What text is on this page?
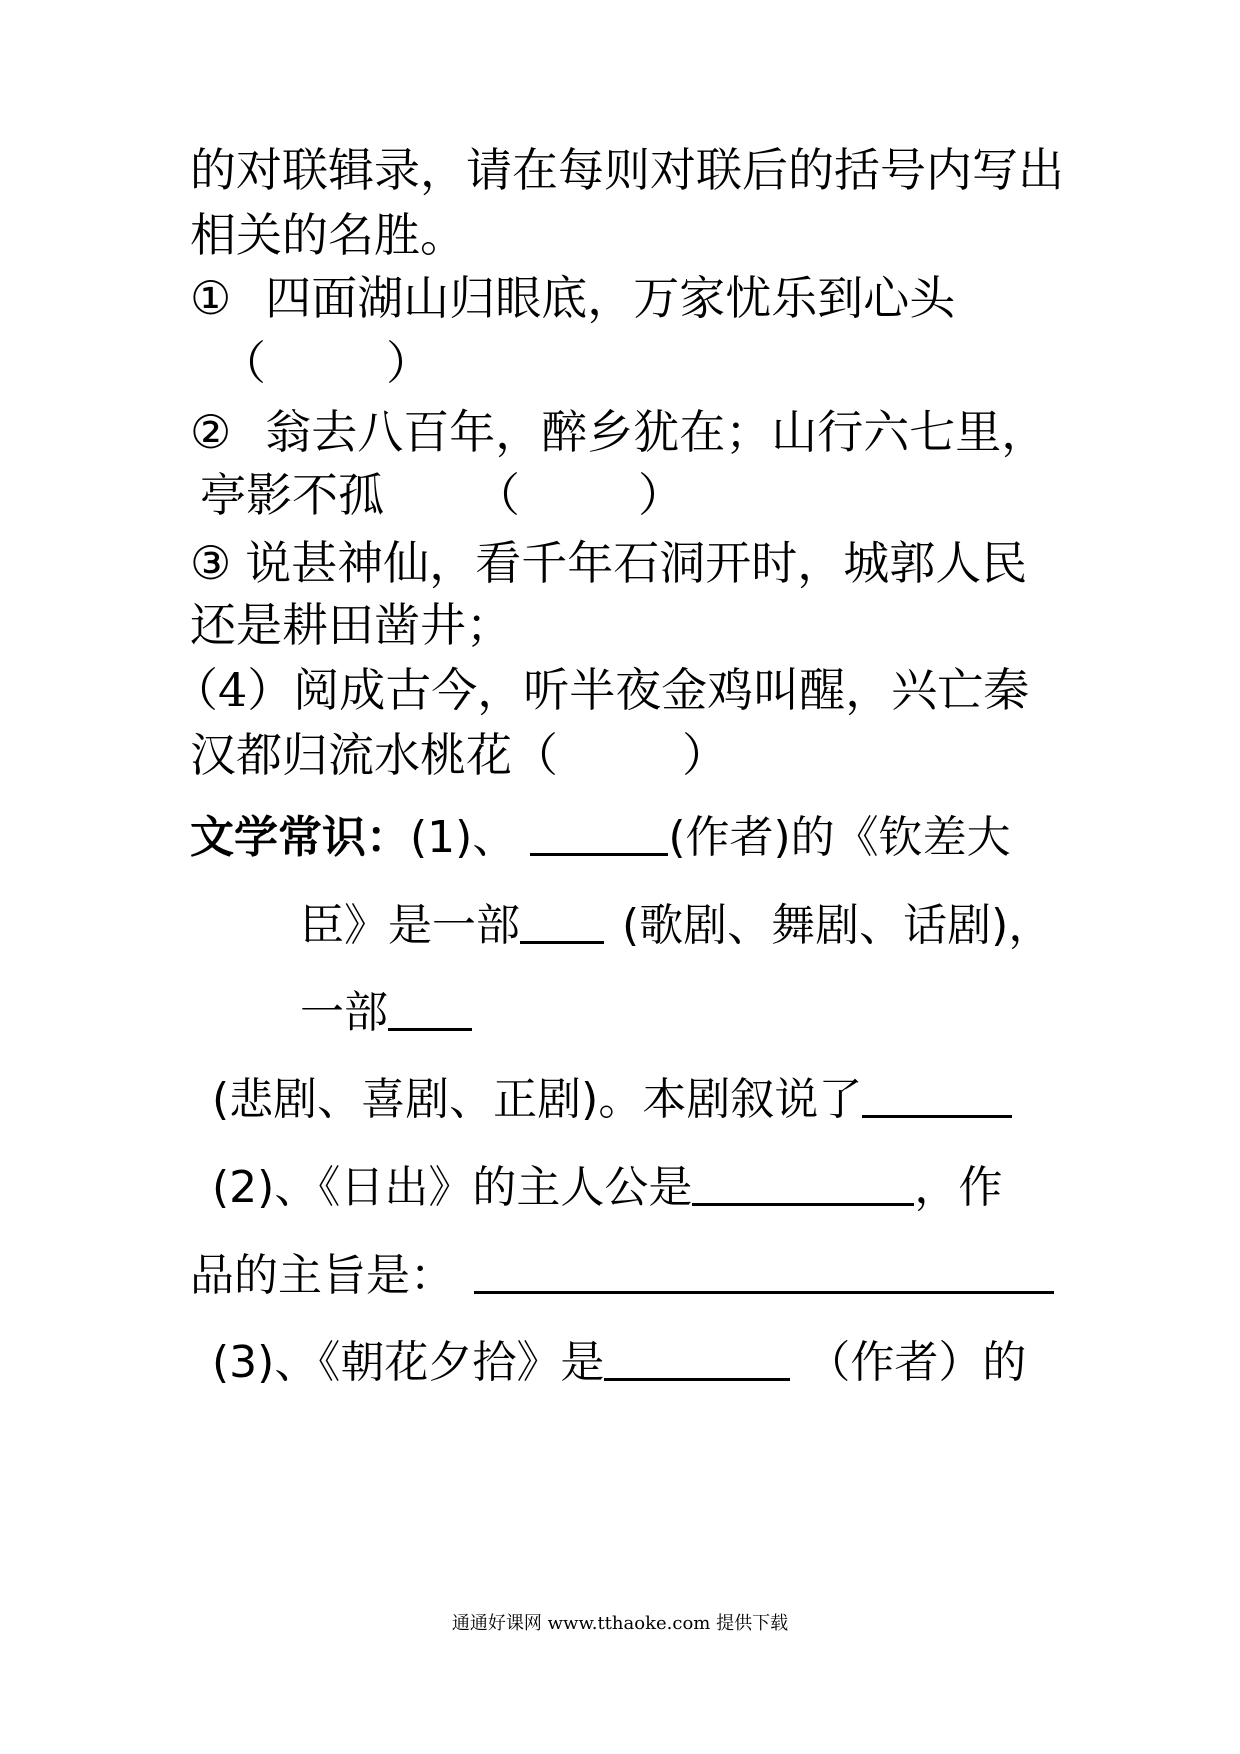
的对联辑录，请在每则对联后的括号内写出
相关的名胜。
① 四面湖山归眼底，万家忧乐到心头
（	）
② 翁去八百年，醉乡犹在；山行六七里，
亭影不孤 （	）
③ 说甚神仙，看千年石洞开时，城郭人民
还是耕田凿井；
（4）阅成古今，听半夜金鸡叫醒，兴亡秦
汉都归流水桃花（	）
文学常识：(1)、	(作者)的《钦差大
臣》是一部 (歌剧、舞剧、话剧)，
一部
(悲剧、喜剧、正剧)。本剧叙说了
(2)、《日出》的主人公是	，作
品的主旨是：
(3)、《朝花夕拾》是	（作者）的
通通好课网 www.tthaoke.com 提供下载
